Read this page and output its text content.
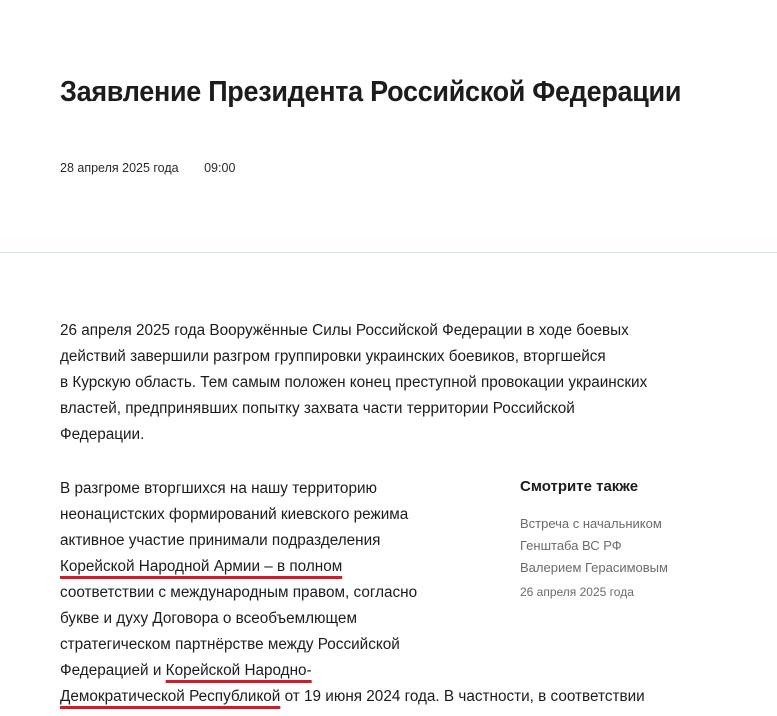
Заявление Президента Российской Федерации
28 апреля 2025 года 09:00
26 апреля 2025 года Вооружённые Силы Российской Федерации в ходе боевых
действий завершили разгром группировки украинских боевиков, вторгшейся
в Курскую область. Тем самым положен конец преступной провокации украинских
властей, предпринявших попытку захвата части территории Российской
Федерации.
В разгроме вторгшихся на нашу территорию
неонацистских формирований киевского режима
активное участие принимали подразделения
Корейской Народной Армии – в полном
соответствии с международным правом, согласно
букве и духу Договора о всеобъемлющем
стратегическом партнёрстве между Российской
Федерацией и Корейской Народно-
Демократической Республикой от 19 июня 2024 года. В частности, в соответствии
Смотрите также
Встреча с начальником
Генштаба ВС РФ
Валерием Герасимовым
26 апреля 2025 года
